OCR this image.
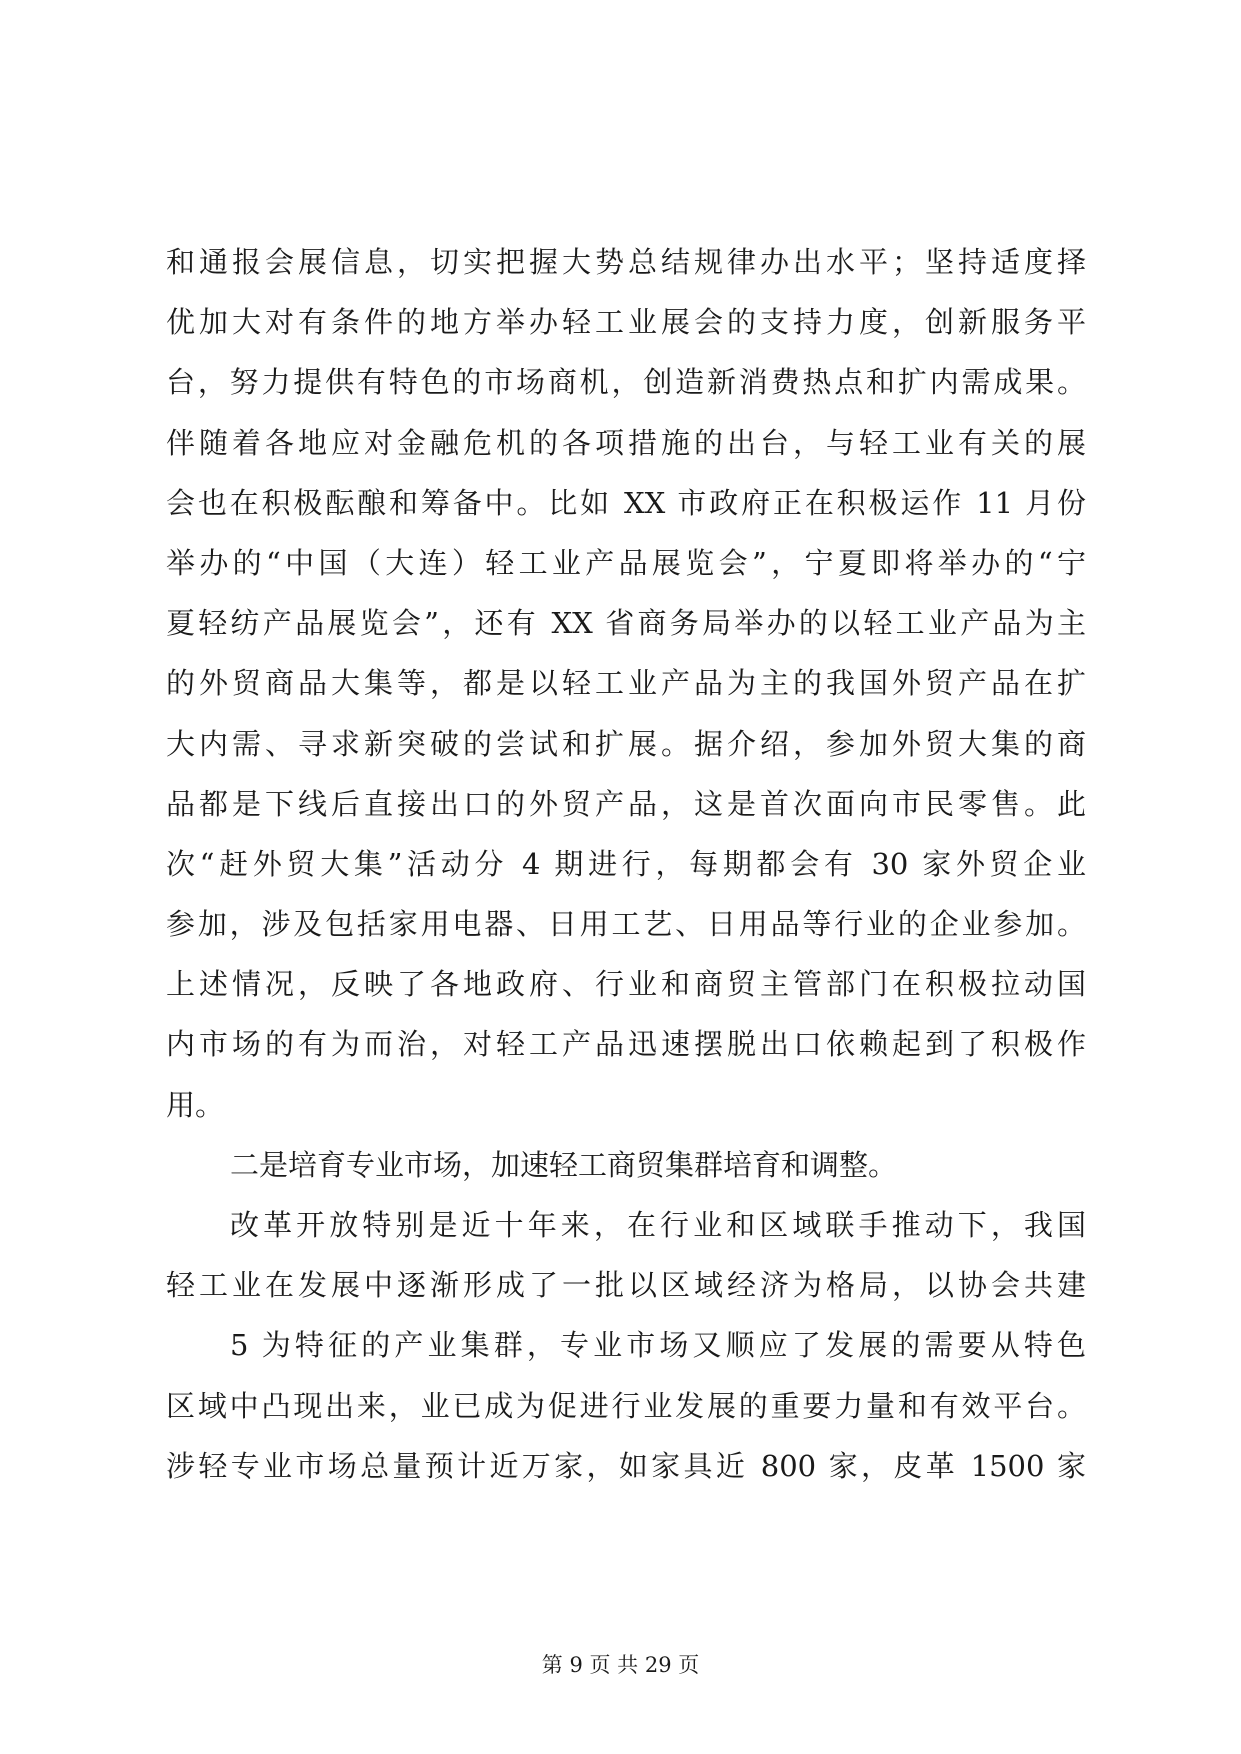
和通报会展信息，切实把握大势总结规律办出水平；坚持适度择
优加大对有条件的地方举办轻工业展会的支持力度，创新服务平
台，努力提供有特色的市场商机，创造新消费热点和扩内需成果。
伴随着各地应对金融危机的各项措施的出台，与轻工业有关的展
会也在积极酝酿和筹备中。比如 XX 市政府正在积极运作 11 月份
举办的“中国（大连）轻工业产品展览会”，宁夏即将举办的“宁
夏轻纺产品展览会”，还有 XX 省商务局举办的以轻工业产品为主
的外贸商品大集等，都是以轻工业产品为主的我国外贸产品在扩
大内需、寻求新突破的尝试和扩展。据介绍，参加外贸大集的商
品都是下线后直接出口的外贸产品，这是首次面向市民零售。此
次“赶外贸大集”活动分 4 期进行，每期都会有 30 家外贸企业
参加，涉及包括家用电器、日用工艺、日用品等行业的企业参加。
上述情况，反映了各地政府、行业和商贸主管部门在积极拉动国
内市场的有为而治，对轻工产品迅速摆脱出口依赖起到了积极作
用。
二是培育专业市场，加速轻工商贸集群培育和调整。
改革开放特别是近十年来，在行业和区域联手推动下，我国
轻工业在发展中逐渐形成了一批以区域经济为格局，以协会共建
5 为特征的产业集群，专业市场又顺应了发展的需要从特色
区域中凸现出来，业已成为促进行业发展的重要力量和有效平台。
涉轻专业市场总量预计近万家，如家具近 800 家，皮革 1500 家
第 9 页 共 29 页
